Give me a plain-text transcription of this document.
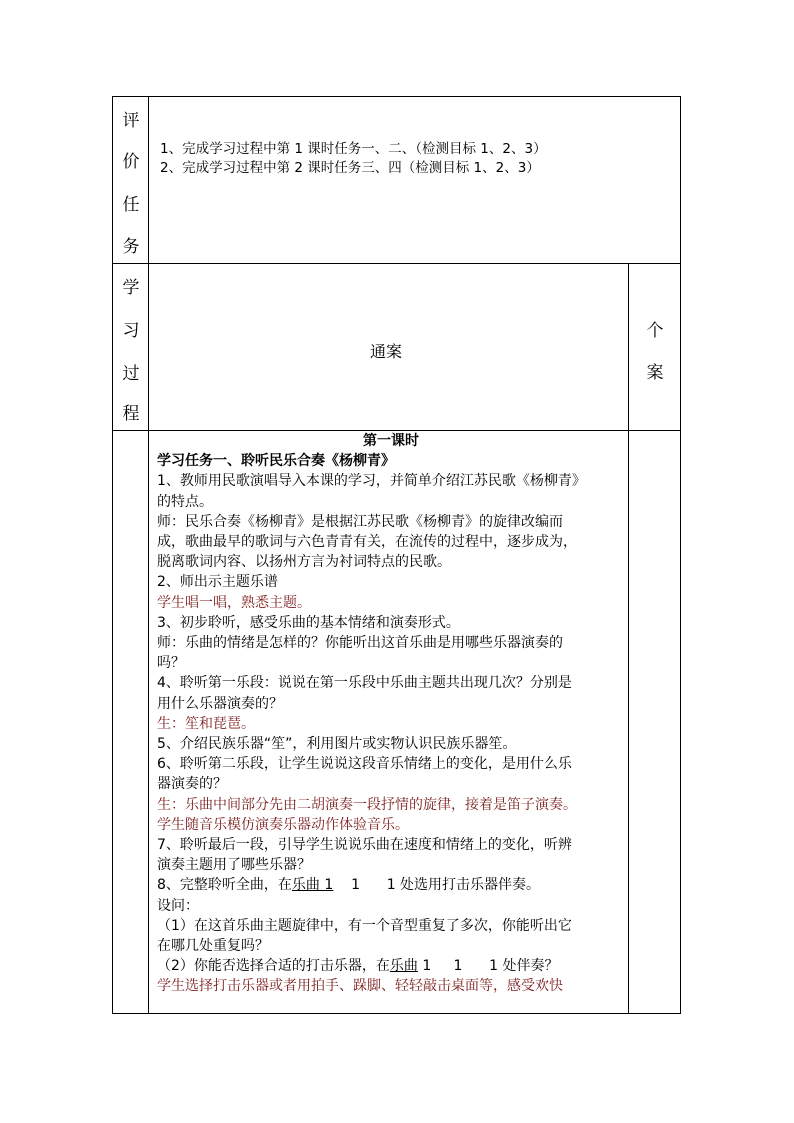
评
价
任
务
1、完成学习过程中第 1 课时任务一、二、（检测目标 1、2、3）
2、完成学习过程中第 2 课时任务三、四（检测目标 1、2、3）
学
习
过
程
通案
个
案
第一课时
学习任务一、聆听民乐合奏《杨柳青》
1、教师用民歌演唱导入本课的学习，并简单介绍江苏民歌《杨柳青》
的特点。
师：民乐合奏《杨柳青》是根据江苏民歌《杨柳青》的旋律改编而
成，歌曲最早的歌词与六色青青有关，在流传的过程中，逐步成为，
脱离歌词内容、以扬州方言为衬词特点的民歌。
2、师出示主题乐谱
学生唱一唱，熟悉主题。
3、初步聆听，感受乐曲的基本情绪和演奏形式。
师：乐曲的情绪是怎样的？你能听出这首乐曲是用哪些乐器演奏的
吗？
4、聆听第一乐段：说说在第一乐段中乐曲主题共出现几次？分别是
用什么乐器演奏的？
生：笙和琵琶。
5、介绍民族乐器“笙”，利用图片或实物认识民族乐器笙。
6、聆听第二乐段，让学生说说这段音乐情绪上的变化，是用什么乐
器演奏的？
生：乐曲中间部分先由二胡演奏一段抒情的旋律，接着是笛子演奏。
学生随音乐模仿演奏乐器动作体验音乐。
7、聆听最后一段，引导学生说说乐曲在速度和情绪上的变化，听辨
演奏主题用了哪些乐器？
8、完整聆听全曲，在乐曲 1    1      1 处选用打击乐器伴奏。
设问：
（1）在这首乐曲主题旋律中，有一个音型重复了多次，你能听出它
在哪几处重复吗？
（2）你能否选择合适的打击乐器，在乐曲 1     1      1 处伴奏？
学生选择打击乐器或者用拍手、跺脚、轻轻敲击桌面等，感受欢快
